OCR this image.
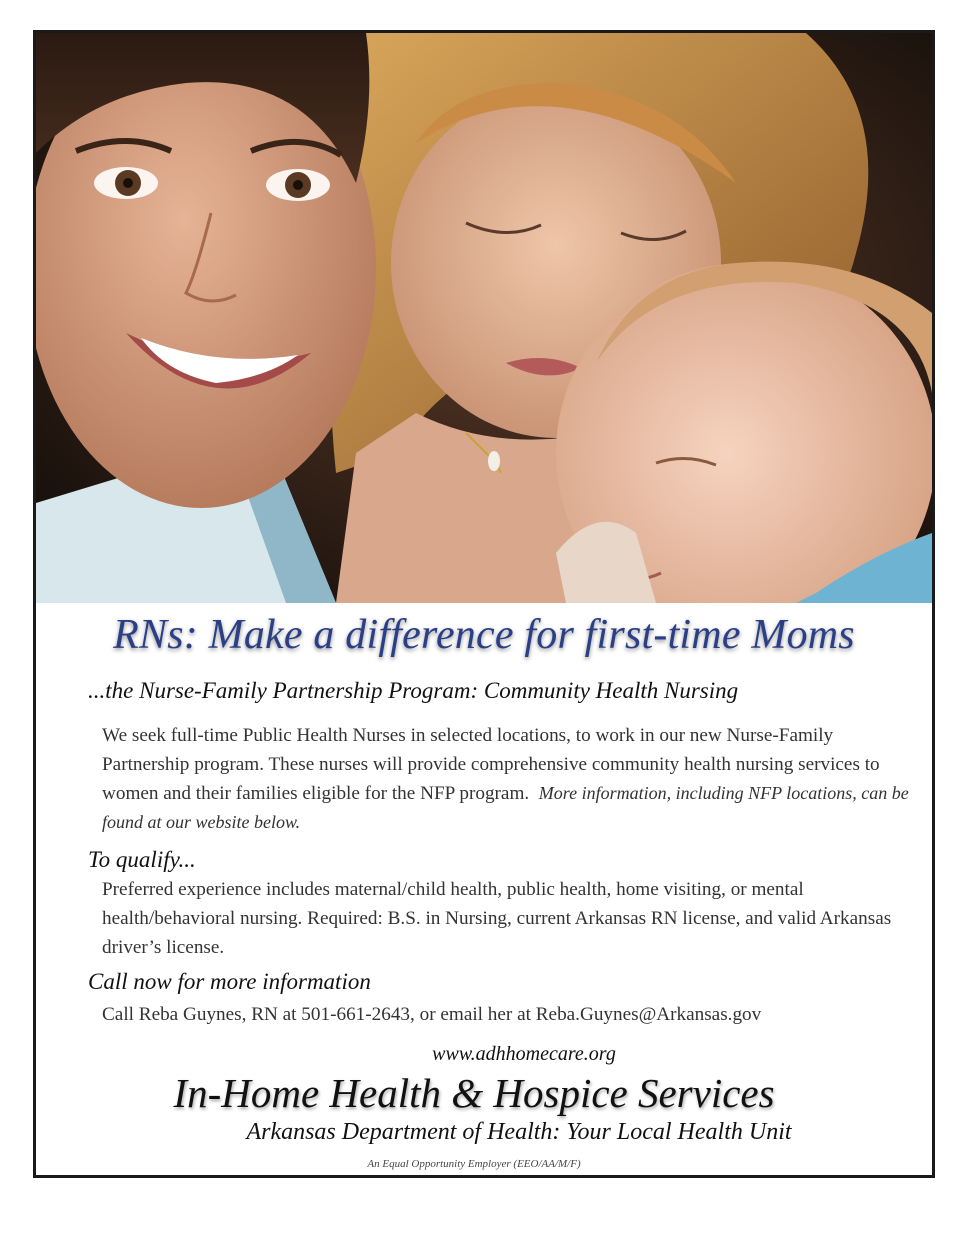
RNs: Make a difference for first-time Moms
...the Nurse-Family Partnership Program: Community Health Nursing
We seek full-time Public Health Nurses in selected locations, to work in our new Nurse-Family Partnership program. These nurses will provide comprehensive community health nursing services to women and their families eligible for the NFP program. More information, including NFP locations, can be found at our website below.
To qualify...
Preferred experience includes maternal/child health, public health, home visiting, or mental health/behavioral nursing. Required: B.S. in Nursing, current Arkansas RN license, and valid Arkansas driver’s license.
Call now for more information
Call Reba Guynes, RN at 501-661-2643, or email her at Reba.Guynes@Arkansas.gov
www.adhhomecare.org
In-Home Health & Hospice Services
Arkansas Department of Health: Your Local Health Unit
An Equal Opportunity Employer (EEO/AA/M/F)
